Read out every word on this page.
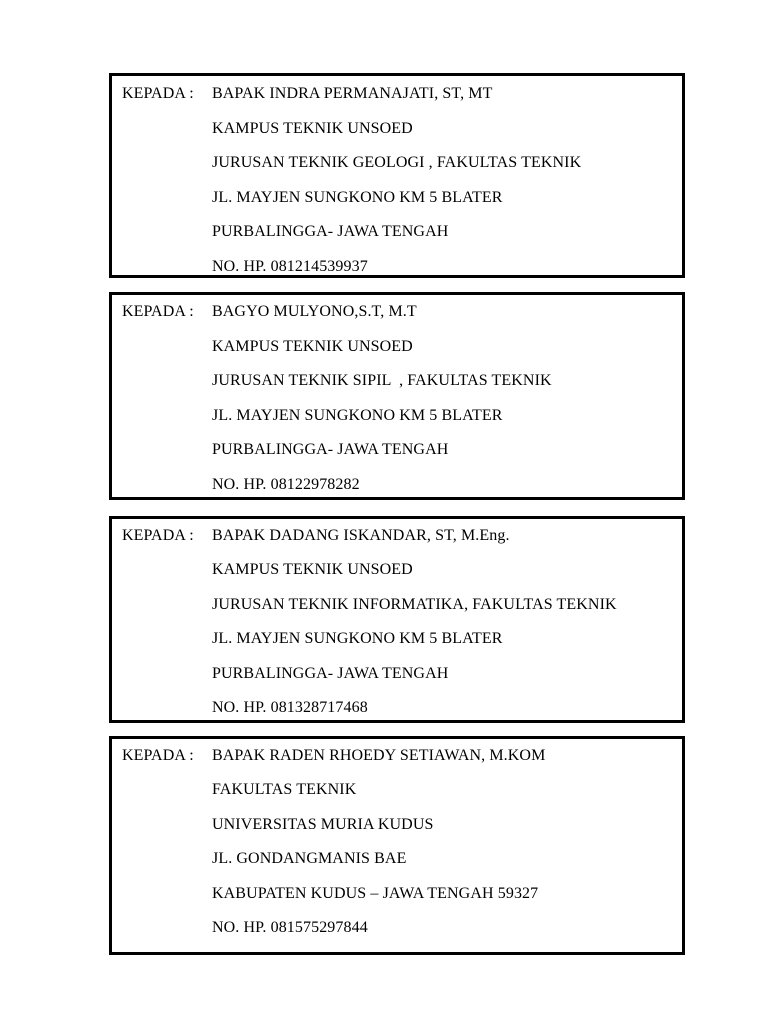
KEPADA : BAPAK INDRA PERMANAJATI, ST, MT
KAMPUS TEKNIK UNSOED
JURUSAN TEKNIK GEOLOGI , FAKULTAS TEKNIK
JL. MAYJEN SUNGKONO KM 5 BLATER
PURBALINGGA- JAWA TENGAH
NO. HP. 081214539937
KEPADA : BAGYO MULYONO,S.T, M.T
KAMPUS TEKNIK UNSOED
JURUSAN TEKNIK SIPIL  , FAKULTAS TEKNIK
JL. MAYJEN SUNGKONO KM 5 BLATER
PURBALINGGA- JAWA TENGAH
NO. HP. 08122978282
KEPADA : BAPAK DADANG ISKANDAR, ST, M.Eng.
KAMPUS TEKNIK UNSOED
JURUSAN TEKNIK INFORMATIKA, FAKULTAS TEKNIK
JL. MAYJEN SUNGKONO KM 5 BLATER
PURBALINGGA- JAWA TENGAH
NO. HP. 081328717468
KEPADA : BAPAK RADEN RHOEDY SETIAWAN, M.KOM
FAKULTAS TEKNIK
UNIVERSITAS MURIA KUDUS
JL. GONDANGMANIS BAE
KABUPATEN KUDUS – JAWA TENGAH 59327
NO. HP. 081575297844
